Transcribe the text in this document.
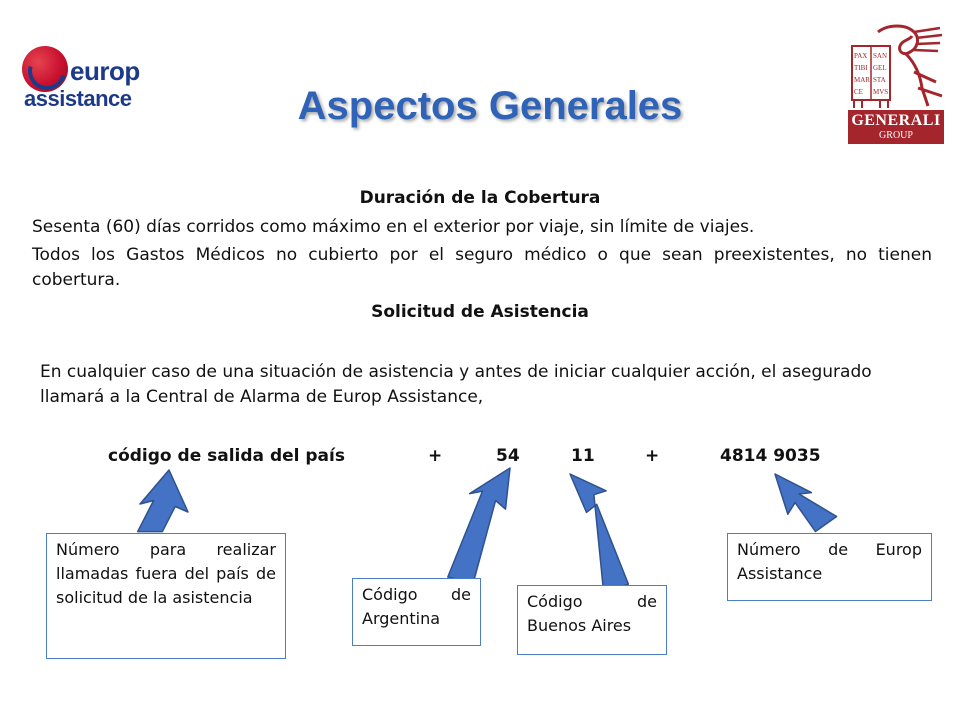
europ
assistance
PAX SAN
TIBI GEL
MAR STA
CE MVS
GENERALI
GROUP
Aspectos Generales
Duración de la Cobertura
Sesenta (60) días corridos como máximo en el exterior por viaje, sin límite de viajes.
Todos los Gastos Médicos no cubierto por el seguro médico o que sean preexistentes, no tienen cobertura.
Solicitud de Asistencia
En cualquier caso de una situación de asistencia y antes de iniciar cualquier acción, el asegurado llamará a la Central de Alarma de Europ Assistance,
código de salida del país	+	54	11	+	4814 9035
Número para realizar llamadas fuera del país de solicitud de la asistencia	Código de Argentina
Código de Buenos Aires
Número de Europ Assistance
